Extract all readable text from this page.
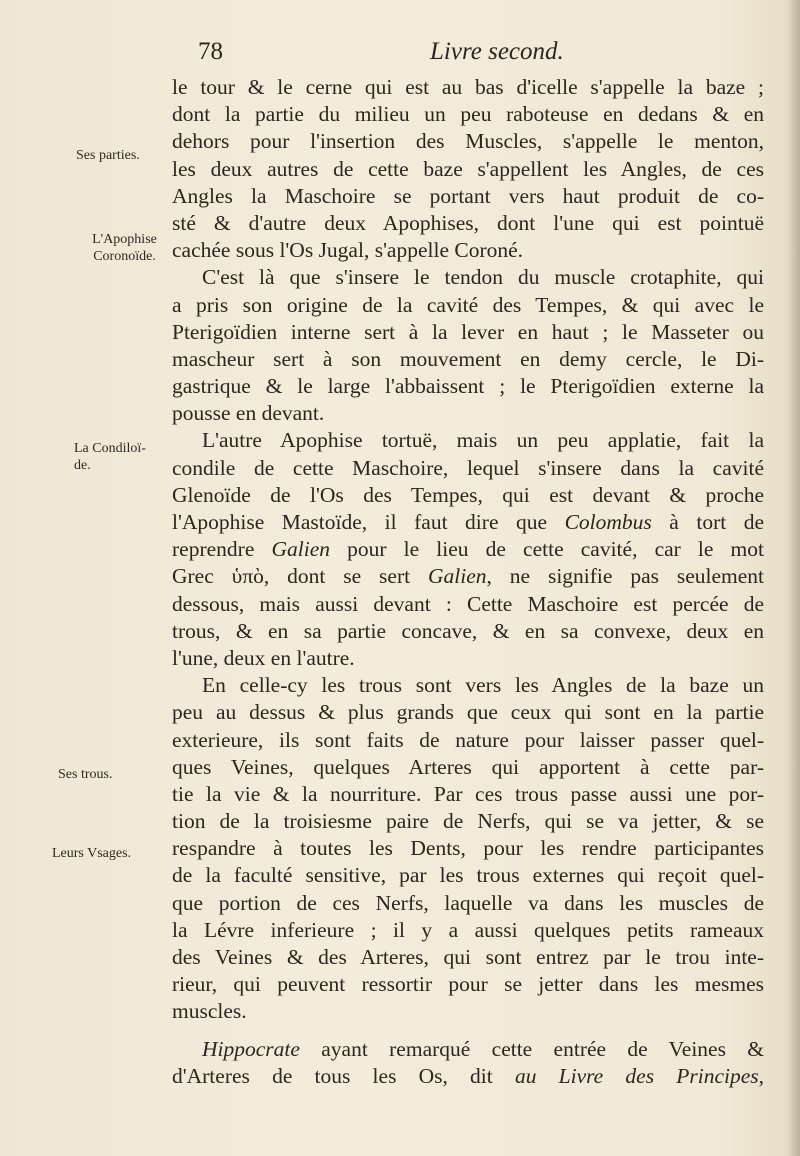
78	Livre second.
Ses parties.
L'Apophise
Coronoïde.
La Condiloï-
de.
Ses trous.
Leurs Vsages.
le tour & le cerne qui est au bas d'icelle s'appelle la baze ;
dont la partie du milieu un peu raboteuse en dedans & en
dehors pour l'insertion des Muscles, s'appelle le menton,
les deux autres de cette baze s'appellent les Angles, de ces
Angles la Maschoire se portant vers haut produit de co-
sté & d'autre deux Apophises, dont l'une qui est pointuë
cachée sous l'Os Jugal, s'appelle Coroné.
C'est là que s'insere le tendon du muscle crotaphite, qui
a pris son origine de la cavité des Tempes, & qui avec le
Pterigoïdien interne sert à la lever en haut ; le Masseter ou
mascheur sert à son mouvement en demy cercle, le Di-
gastrique & le large l'abbaissent ; le Pterigoïdien externe la
pousse en devant.
L'autre Apophise tortuë, mais un peu applatie, fait la
condile de cette Maschoire, lequel s'insere dans la cavité
Glenoïde de l'Os des Tempes, qui est devant & proche
l'Apophise Mastoïde, il faut dire que Colombus à tort de
reprendre Galien pour le lieu de cette cavité, car le mot
Grec ὑπὸ, dont se sert Galien, ne signifie pas seulement
dessous, mais aussi devant : Cette Maschoire est percée de
trous, & en sa partie concave, & en sa convexe, deux en
l'une, deux en l'autre.
En celle-cy les trous sont vers les Angles de la baze un
peu au dessus & plus grands que ceux qui sont en la partie
exterieure, ils sont faits de nature pour laisser passer quel-
ques Veines, quelques Arteres qui apportent à cette par-
tie la vie & la nourriture. Par ces trous passe aussi une por-
tion de la troisiesme paire de Nerfs, qui se va jetter, & se
respandre à toutes les Dents, pour les rendre participantes
de la faculté sensitive, par les trous externes qui reçoit quel-
que portion de ces Nerfs, laquelle va dans les muscles de
la Lévre inferieure ; il y a aussi quelques petits rameaux
des Veines & des Arteres, qui sont entrez par le trou inte-
rieur, qui peuvent ressortir pour se jetter dans les mesmes
muscles.
Hippocrate ayant remarqué cette entrée de Veines &
d'Arteres de tous les Os, dit au Livre des Principes,
